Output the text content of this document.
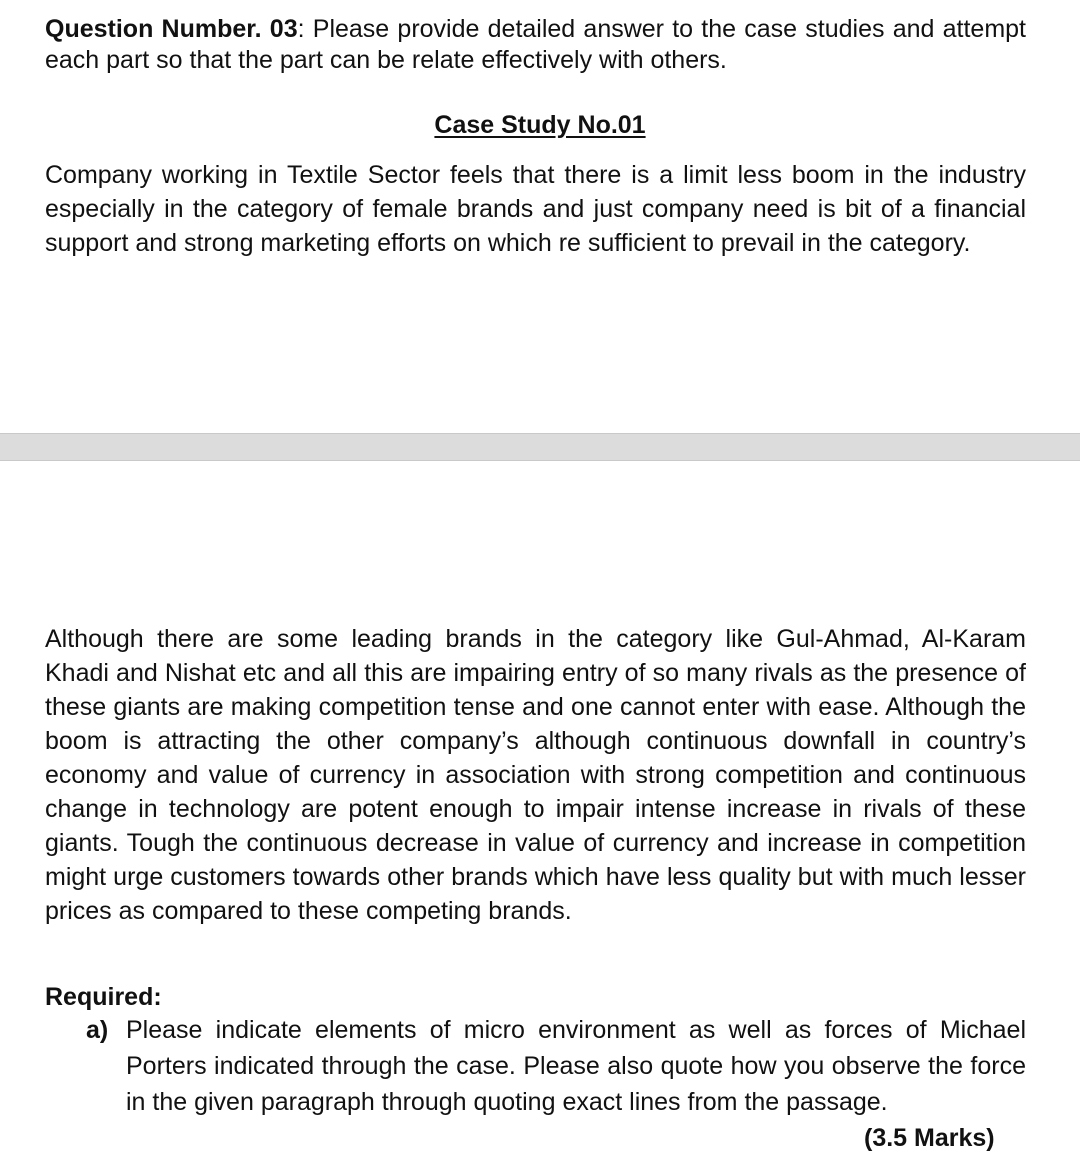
Question Number. 03: Please provide detailed answer to the case studies and attempt each part so that the part can be relate effectively with others.

Case Study No.01

Company working in Textile Sector feels that there is a limit less boom in the industry especially in the category of female brands and just company need is bit of a financial support and strong marketing efforts on which re sufficient to prevail in the category.

Although there are some leading brands in the category like Gul-Ahmad, Al-Karam Khadi and Nishat etc and all this are impairing entry of so many rivals as the presence of these giants are making competition tense and one cannot enter with ease. Although the boom is attracting the other company’s although continuous downfall in country’s economy and value of currency in association with strong competition and continuous change in technology are potent enough to impair intense increase in rivals of these giants. Tough the continuous decrease in value of currency and increase in competition might urge customers towards other brands which have less quality but with much lesser prices as compared to these competing brands.

Required:
a) Please indicate elements of micro environment as well as forces of Michael Porters indicated through the case. Please also quote how you observe the force in the given paragraph through quoting exact lines from the passage.

(3.5 Marks)
